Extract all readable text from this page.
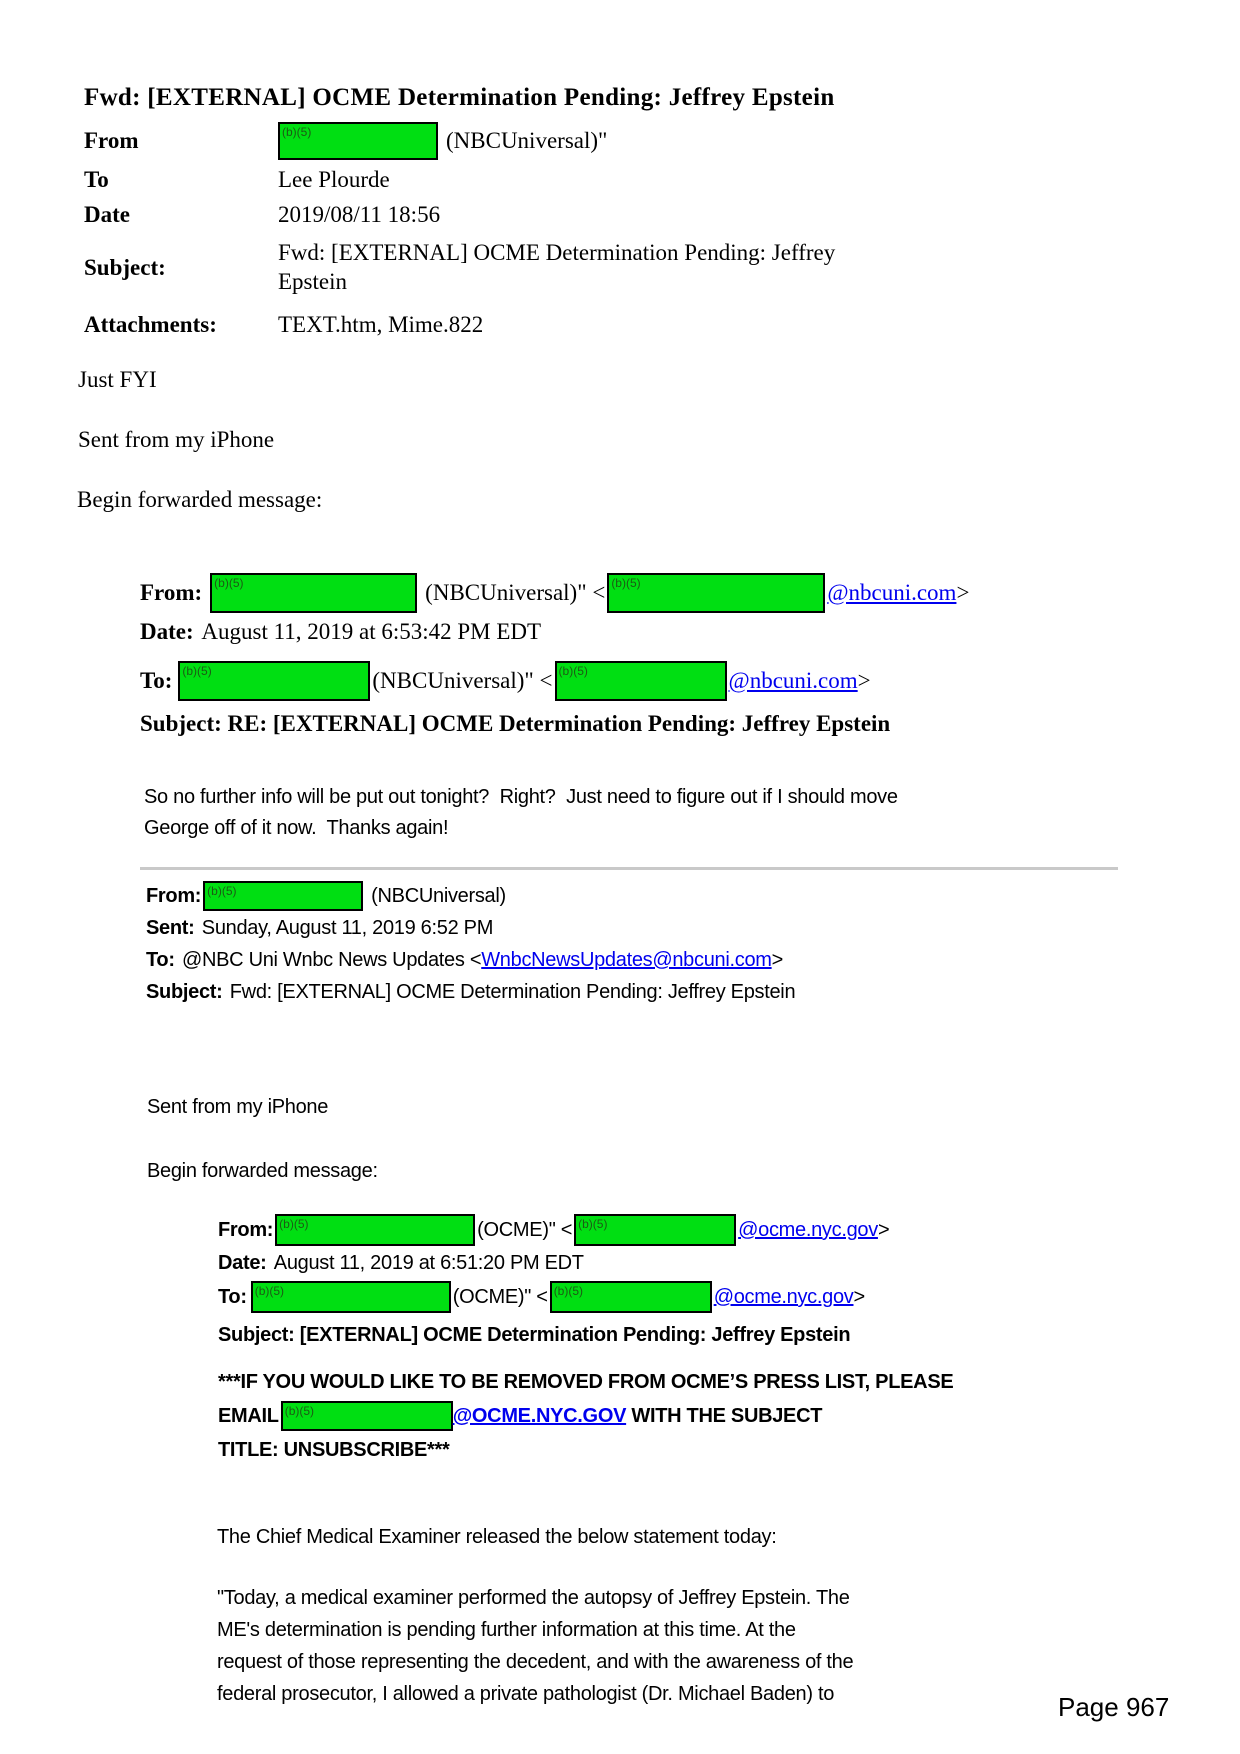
Fwd: [EXTERNAL] OCME Determination Pending: Jeffrey Epstein
From	(b)(5)	(NBCUniversal)"
To	Lee Plourde
Date	2019/08/11 18:56
Subject:
Fwd: [EXTERNAL] OCME Determination Pending: Jeffrey
Epstein
Attachments:	TEXT.htm, Mime.822
Just FYI
Sent from my iPhone
Begin forwarded message:
From: (b)(5)	(NBCUniversal)" < (b)(5)	@nbcuni.com >
Date: August 11, 2019 at 6:53:42 PM EDT
To: (b)(5)	(NBCUniversal)" < (b)(5)	@nbcuni.com >
Subject: RE: [EXTERNAL] OCME Determination Pending: Jeffrey Epstein
So no further info will be put out tonight?  Right?  Just need to figure out if I should move
George off of it now.  Thanks again!
From: (b)(5)	(NBCUniversal)
Sent: Sunday, August 11, 2019 6:52 PM
To: @NBC Uni Wnbc News Updates <WnbcNewsUpdates@nbcuni.com>
Subject: Fwd: [EXTERNAL] OCME Determination Pending: Jeffrey Epstein
Sent from my iPhone
Begin forwarded message:
From: (b)(5)	(OCME)" < (b)(5)	@ocme.nyc.gov >
Date: August 11, 2019 at 6:51:20 PM EDT
To: (b)(5)	(OCME)" < (b)(5)	@ocme.nyc.gov >
Subject: [EXTERNAL] OCME Determination Pending: Jeffrey Epstein
***IF YOU WOULD LIKE TO BE REMOVED FROM OCME’S PRESS LIST, PLEASE
EMAIL (b)(5)	@OCME.NYC.GOV WITH THE SUBJECT
TITLE: UNSUBSCRIBE***
The Chief Medical Examiner released the below statement today:
"Today, a medical examiner performed the autopsy of Jeffrey Epstein. The
ME's determination is pending further information at this time. At the
request of those representing the decedent, and with the awareness of the
federal prosecutor, I allowed a private pathologist (Dr. Michael Baden) to	Page 967
